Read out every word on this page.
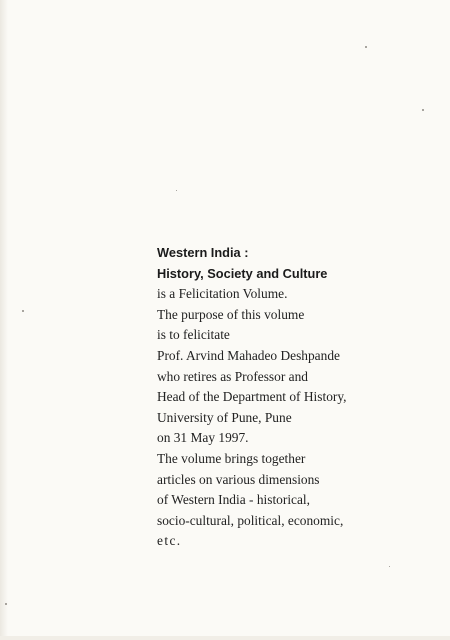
Western India :
History, Society and Culture
is a Felicitation Volume.
The purpose of this volume
is to felicitate
Prof. Arvind Mahadeo Deshpande
who retires as Professor and
Head of the Department of History,
University of Pune, Pune
on 31 May 1997.
The volume brings together
articles on various dimensions
of Western India - historical,
socio-cultural, political, economic,
etc.
